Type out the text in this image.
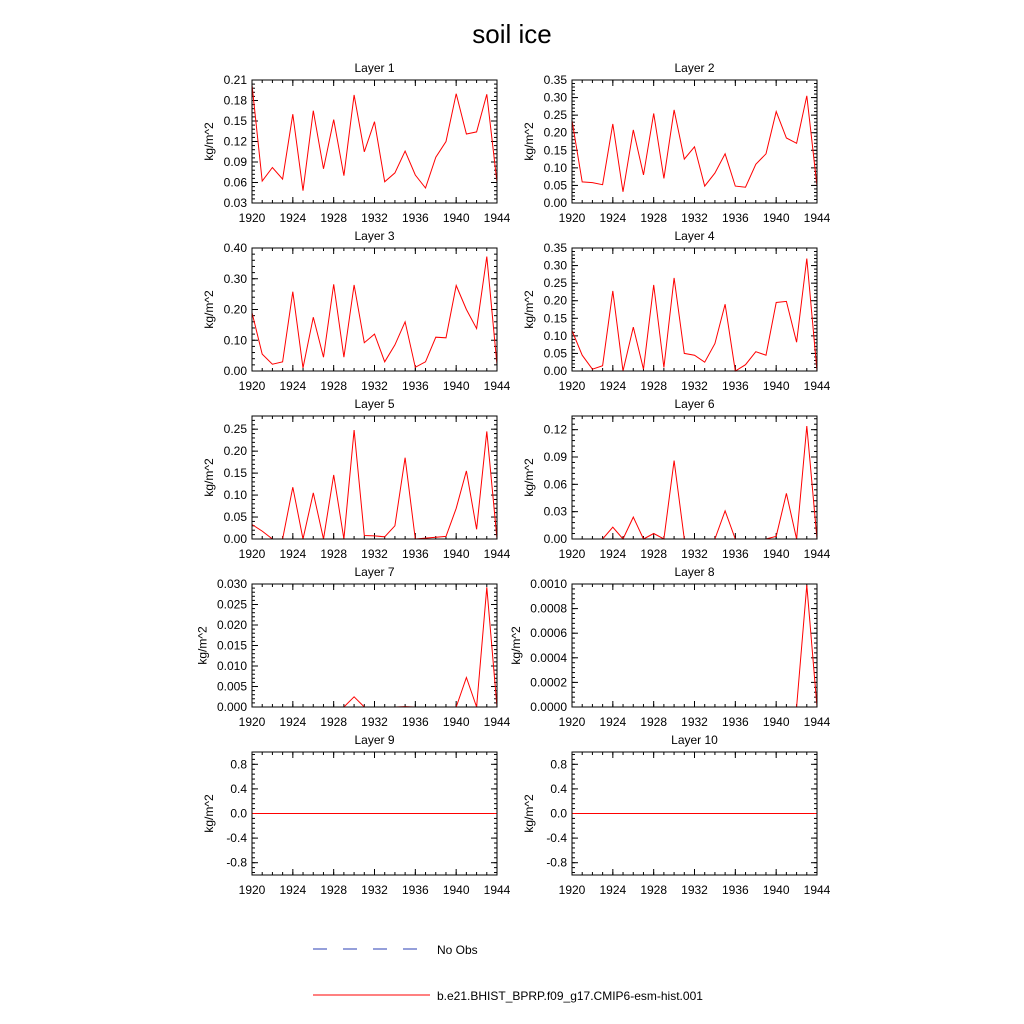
soil ice
Layer 1
1920 1924 1928 1932 1936 1940 1944
0.03
0.06
0.09
0.12
0.15
0.18
0.21
kg/m^2
Layer 2
1920 1924 1928 1932 1936 1940 1944
0.00
0.05
0.10
0.15
0.20
0.25
0.30
0.35
kg/m^2
Layer 3
1920 1924 1928 1932 1936 1940 1944
0.00
0.10
0.20
0.30
0.40
kg/m^2
Layer 4
1920 1924 1928 1932 1936 1940 1944
0.00
0.05
0.10
0.15
0.20
0.25
0.30
0.35
kg/m^2
Layer 5
1920 1924 1928 1932 1936 1940 1944
0.00
0.05
0.10
0.15
0.20
0.25
kg/m^2
Layer 6
1920 1924 1928 1932 1936 1940 1944
0.00
0.03
0.06
0.09
0.12
kg/m^2
Layer 7
1920 1924 1928 1932 1936 1940 1944
0.000
0.005
0.010
0.015
0.020
0.025
0.030
kg/m^2
Layer 8
1920 1924 1928 1932 1936 1940 1944
0.0000
0.0002
0.0004
0.0006
0.0008
0.0010
kg/m^2
Layer 9
1920 1924 1928 1932 1936 1940 1944
-0.8
-0.4
0.0
0.4
0.8
kg/m^2
Layer 10
1920 1924 1928 1932 1936 1940 1944
-0.8
-0.4
0.0
0.4
0.8
kg/m^2
No Obs
b.e21.BHIST_BPRP.f09_g17.CMIP6-esm-hist.001
